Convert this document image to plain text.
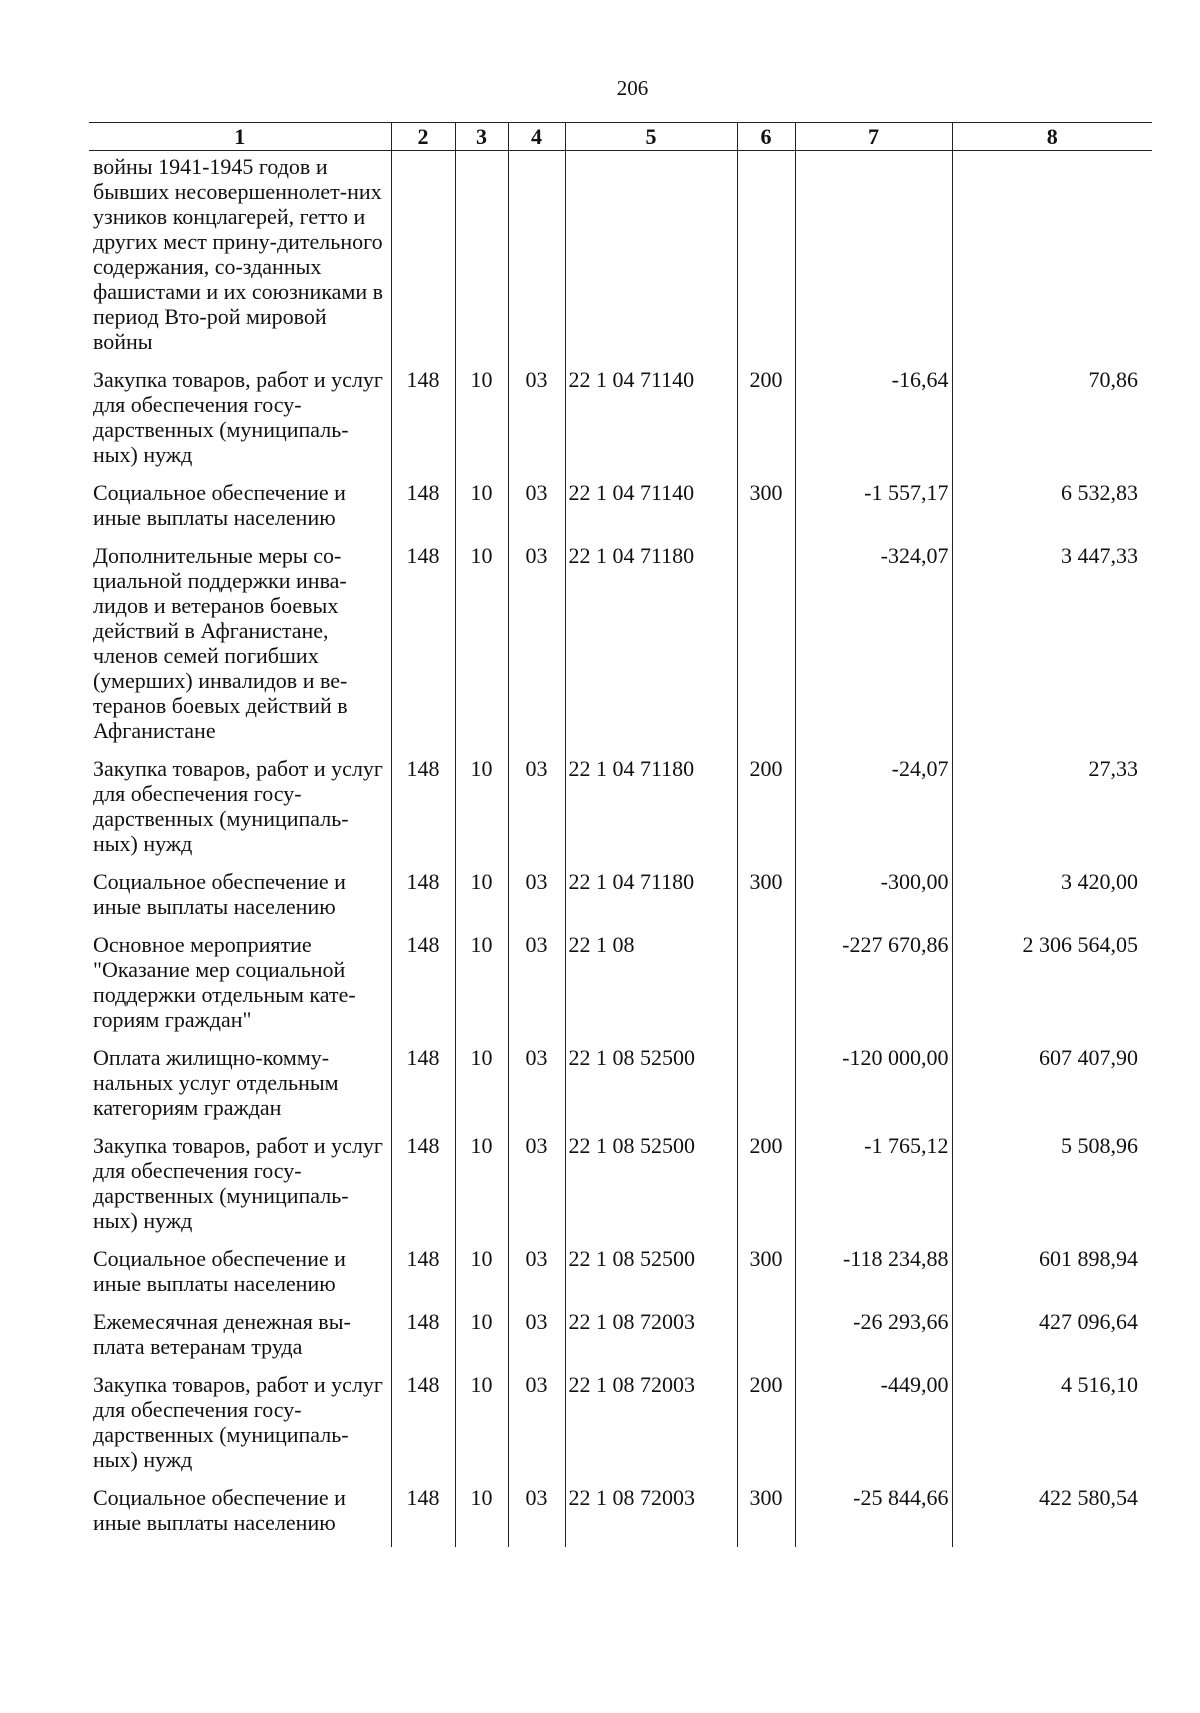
206
1	2	3	4	5	6	7	8
войны 1941-1945 годов и бывших несовершеннолет-них узников концлагерей, гетто и других мест прину-дительного содержания, со-зданных фашистами и их союзниками в период Вто-рой мировой войны							
Закупка товаров, работ и услуг для обеспечения госу-дарственных (муниципаль-ных) нужд	148	10	03	22 1 04 71140	200	-16,64	70,86
Социальное обеспечение и иные выплаты населению	148	10	03	22 1 04 71140	300	-1 557,17	6 532,83
Дополнительные меры со-циальной поддержки инва-лидов и ветеранов боевых действий в Афганистане, членов семей погибших (умерших) инвалидов и ве-теранов боевых действий в Афганистане	148	10	03	22 1 04 71180		-324,07	3 447,33
Закупка товаров, работ и услуг для обеспечения госу-дарственных (муниципаль-ных) нужд	148	10	03	22 1 04 71180	200	-24,07	27,33
Социальное обеспечение и иные выплаты населению	148	10	03	22 1 04 71180	300	-300,00	3 420,00
Основное мероприятие "Оказание мер социальной поддержки отдельным кате-гориям граждан"	148	10	03	22 1 08		-227 670,86	2 306 564,05
Оплата жилищно-комму-нальных услуг отдельным категориям граждан	148	10	03	22 1 08 52500		-120 000,00	607 407,90
Закупка товаров, работ и услуг для обеспечения госу-дарственных (муниципаль-ных) нужд	148	10	03	22 1 08 52500	200	-1 765,12	5 508,96
Социальное обеспечение и иные выплаты населению	148	10	03	22 1 08 52500	300	-118 234,88	601 898,94
Ежемесячная денежная вы-плата ветеранам труда	148	10	03	22 1 08 72003		-26 293,66	427 096,64
Закупка товаров, работ и услуг для обеспечения госу-дарственных (муниципаль-ных) нужд	148	10	03	22 1 08 72003	200	-449,00	4 516,10
Социальное обеспечение и иные выплаты населению	148	10	03	22 1 08 72003	300	-25 844,66	422 580,54
